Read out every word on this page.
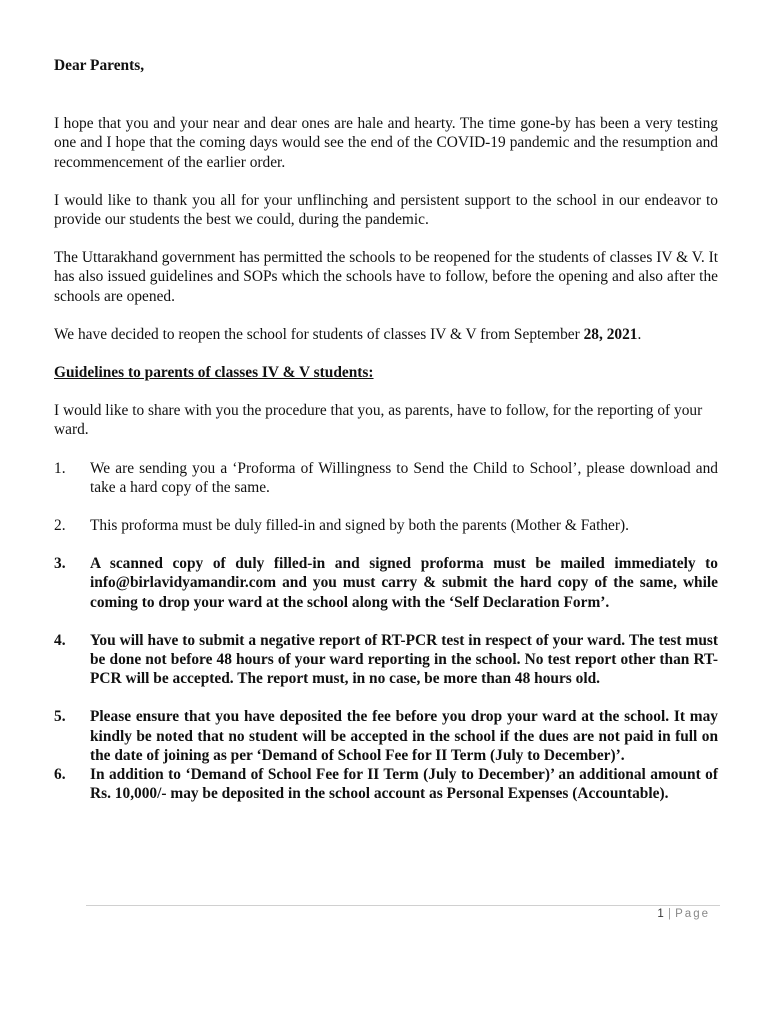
Dear Parents,

I hope that you and your near and dear ones are hale and hearty. The time gone-by has been a very testing one and I hope that the coming days would see the end of the COVID-19 pandemic and the resumption and recommencement of the earlier order.

I would like to thank you all for your unflinching and persistent support to the school in our endeavor to provide our students the best we could, during the pandemic.

The Uttarakhand government has permitted the schools to be reopened for the students of classes IV & V. It has also issued guidelines and SOPs which the schools have to follow, before the opening and also after the schools are opened.

We have decided to reopen the school for students of classes IV & V from September 28, 2021.

Guidelines to parents of classes IV & V students:

I would like to share with you the procedure that you, as parents, have to follow, for the reporting of your ward.

1.	We are sending you a ‘Proforma of Willingness to Send the Child to School’, please download and take a hard copy of the same.
2.	This proforma must be duly filled-in and signed by both the parents (Mother & Father).
3.	A scanned copy of duly filled-in and signed proforma must be mailed immediately to info@birlavidyamandir.com and you must carry & submit the hard copy of the same, while coming to drop your ward at the school along with the ‘Self Declaration Form’.
4.	You will have to submit a negative report of RT-PCR test in respect of your ward. The test must be done not before 48 hours of your ward reporting in the school. No test report other than RT-PCR will be accepted. The report must, in no case, be more than 48 hours old.
5.	Please ensure that you have deposited the fee before you drop your ward at the school. It may kindly be noted that no student will be accepted in the school if the dues are not paid in full on the date of joining as per ‘Demand of School Fee for II Term (July to December)’.
6.	In addition to ‘Demand of School Fee for II Term (July to December)’ an additional amount of Rs. 10,000/- may be deposited in the school account as Personal Expenses (Accountable).
1 | Page
